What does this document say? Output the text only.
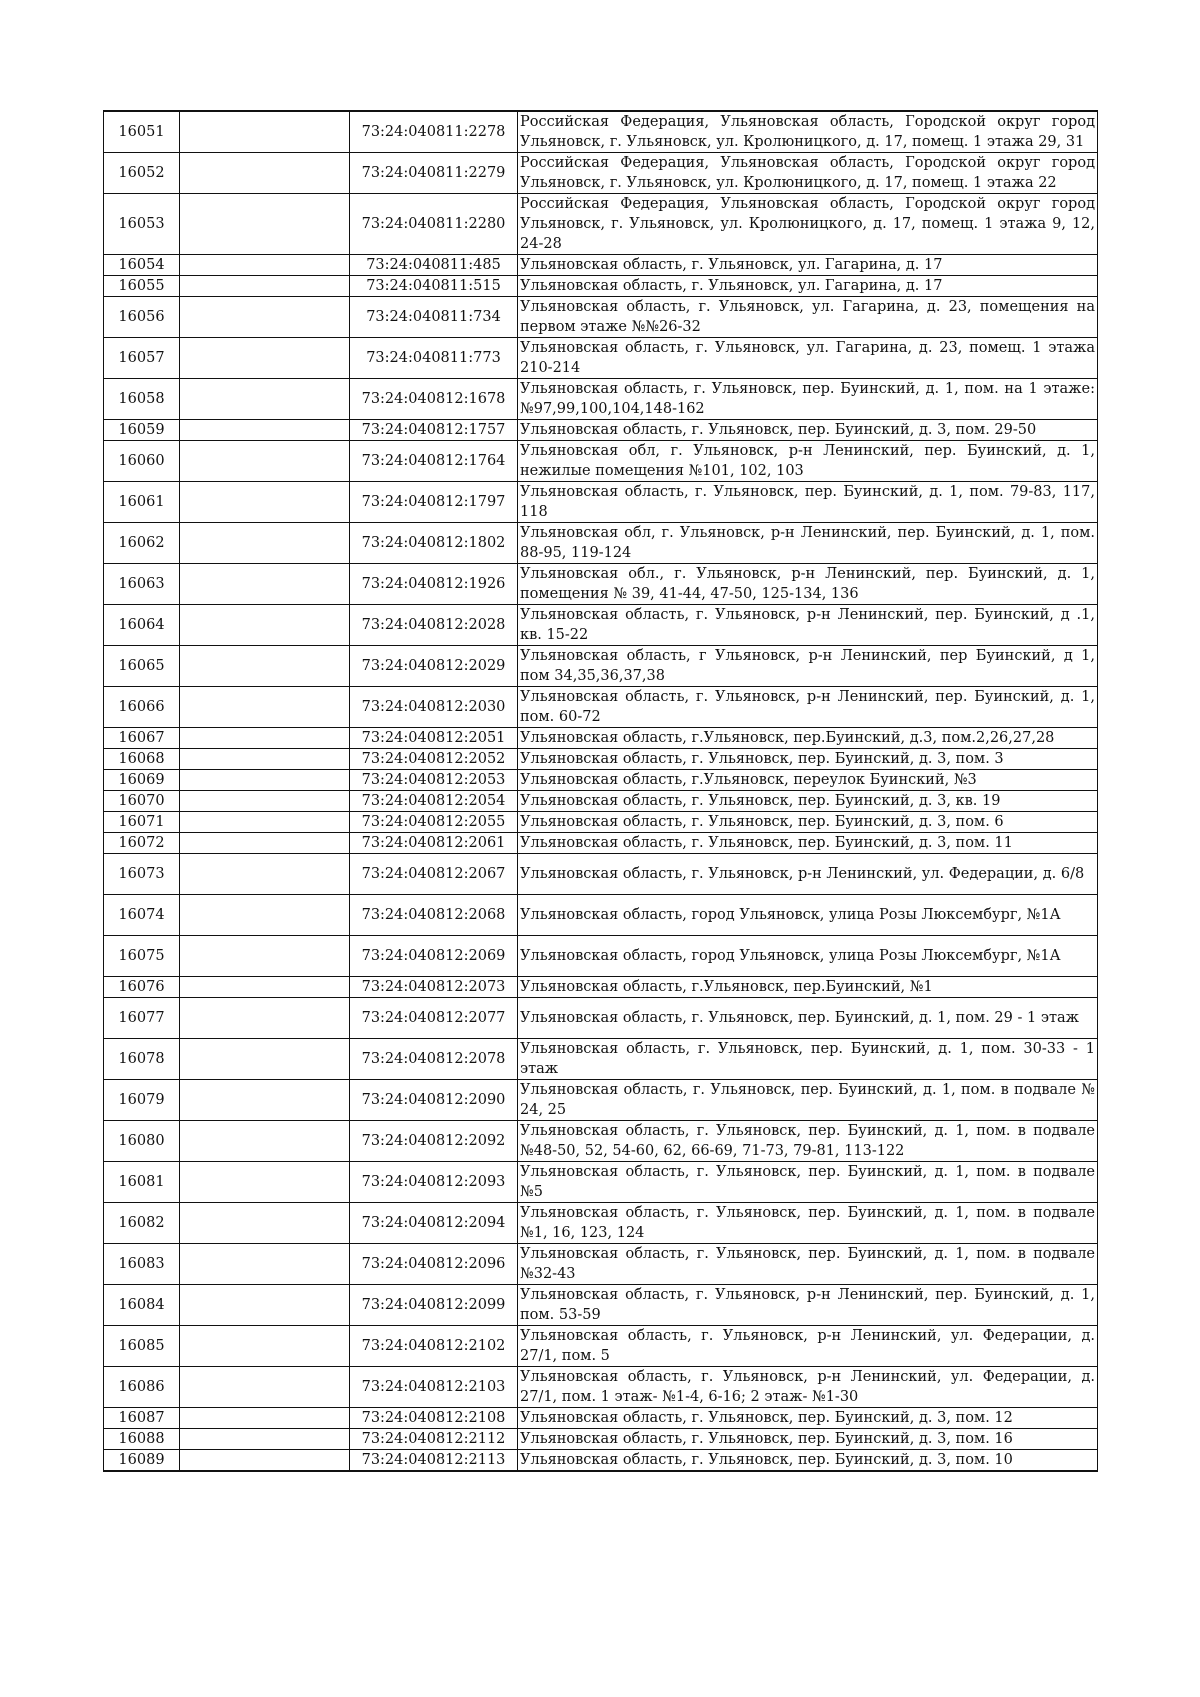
16051		73:24:040811:2278	Российская Федерация, Ульяновская область, Городской округ город Ульяновск, г. Ульяновск, ул. Кролюницкого, д. 17, помещ. 1 этажа 29, 31
16052		73:24:040811:2279	Российская Федерация, Ульяновская область, Городской округ город Ульяновск, г. Ульяновск, ул. Кролюницкого, д. 17, помещ. 1 этажа 22
16053		73:24:040811:2280	Российская Федерация, Ульяновская область, Городской округ город Ульяновск, г. Ульяновск, ул. Кролюницкого, д. 17, помещ. 1 этажа 9, 12, 24-28
16054		73:24:040811:485	Ульяновская область, г. Ульяновск, ул. Гагарина, д. 17
16055		73:24:040811:515	Ульяновская область, г. Ульяновск, ул. Гагарина, д. 17
16056		73:24:040811:734	Ульяновская область, г. Ульяновск, ул. Гагарина, д. 23, помещения на первом этаже №№26-32
16057		73:24:040811:773	Ульяновская область, г. Ульяновск, ул. Гагарина, д. 23, помещ. 1 этажа 210-214
16058		73:24:040812:1678	Ульяновская область, г. Ульяновск, пер. Буинский, д. 1, пом. на 1 этаже: №97,99,100,104,148-162
16059		73:24:040812:1757	Ульяновская область, г. Ульяновск, пер. Буинский, д. 3, пом. 29-50
16060		73:24:040812:1764	Ульяновская обл, г. Ульяновск, р-н Ленинский, пер. Буинский, д. 1, нежилые помещения №101, 102, 103
16061		73:24:040812:1797	Ульяновская область, г. Ульяновск, пер. Буинский, д. 1, пом. 79-83, 117, 118
16062		73:24:040812:1802	Ульяновская обл, г. Ульяновск, р-н Ленинский, пер. Буинский, д. 1, пом. 88-95, 119-124
16063		73:24:040812:1926	Ульяновская обл., г. Ульяновск, р-н Ленинский, пер. Буинский, д. 1, помещения № 39, 41-44, 47-50, 125-134, 136
16064		73:24:040812:2028	Ульяновская область, г. Ульяновск, р-н Ленинский, пер. Буинский, д .1, кв. 15-22
16065		73:24:040812:2029	Ульяновская область, г Ульяновск, р-н Ленинский, пер Буинский, д 1, пом 34,35,36,37,38
16066		73:24:040812:2030	Ульяновская область, г. Ульяновск, р-н Ленинский, пер. Буинский, д. 1, пом. 60-72
16067		73:24:040812:2051	Ульяновская область, г.Ульяновск, пер.Буинский, д.3, пом.2,26,27,28
16068		73:24:040812:2052	Ульяновская область, г. Ульяновск, пер. Буинский, д. 3, пом. 3
16069		73:24:040812:2053	Ульяновская область, г.Ульяновск, переулок Буинский, №3
16070		73:24:040812:2054	Ульяновская область, г. Ульяновск, пер. Буинский, д. 3, кв. 19
16071		73:24:040812:2055	Ульяновская область, г. Ульяновск, пер. Буинский, д. 3, пом. 6
16072		73:24:040812:2061	Ульяновская область, г. Ульяновск, пер. Буинский, д. 3, пом. 11
16073		73:24:040812:2067	Ульяновская область, г. Ульяновск, р-н Ленинский, ул. Федерации, д. 6/8
16074		73:24:040812:2068	Ульяновская область, город Ульяновск, улица Розы Люксембург, №1А
16075		73:24:040812:2069	Ульяновская область, город Ульяновск, улица Розы Люксембург, №1А
16076		73:24:040812:2073	Ульяновская область, г.Ульяновск, пер.Буинский, №1
16077		73:24:040812:2077	Ульяновская область, г. Ульяновск, пер. Буинский, д. 1, пом. 29 - 1 этаж
16078		73:24:040812:2078	Ульяновская область, г. Ульяновск, пер. Буинский, д. 1, пом. 30-33 - 1 этаж
16079		73:24:040812:2090	Ульяновская область, г. Ульяновск, пер. Буинский, д. 1, пом. в подвале № 24, 25
16080		73:24:040812:2092	Ульяновская область, г. Ульяновск, пер. Буинский, д. 1, пом. в подвале №48-50, 52, 54-60, 62, 66-69, 71-73, 79-81, 113-122
16081		73:24:040812:2093	Ульяновская область, г. Ульяновск, пер. Буинский, д. 1, пом. в подвале №5
16082		73:24:040812:2094	Ульяновская область, г. Ульяновск, пер. Буинский, д. 1, пом. в подвале №1, 16, 123, 124
16083		73:24:040812:2096	Ульяновская область, г. Ульяновск, пер. Буинский, д. 1, пом. в подвале №32-43
16084		73:24:040812:2099	Ульяновская область, г. Ульяновск, р-н Ленинский, пер. Буинский, д. 1, пом. 53-59
16085		73:24:040812:2102	Ульяновская область, г. Ульяновск, р-н Ленинский, ул. Федерации, д. 27/1, пом. 5
16086		73:24:040812:2103	Ульяновская область, г. Ульяновск, р-н Ленинский, ул. Федерации, д. 27/1, пом. 1 этаж- №1-4, 6-16; 2 этаж- №1-30
16087		73:24:040812:2108	Ульяновская область, г. Ульяновск, пер. Буинский, д. 3, пом. 12
16088		73:24:040812:2112	Ульяновская область, г. Ульяновск, пер. Буинский, д. 3, пом. 16
16089		73:24:040812:2113	Ульяновская область, г. Ульяновск, пер. Буинский, д. 3, пом. 10
